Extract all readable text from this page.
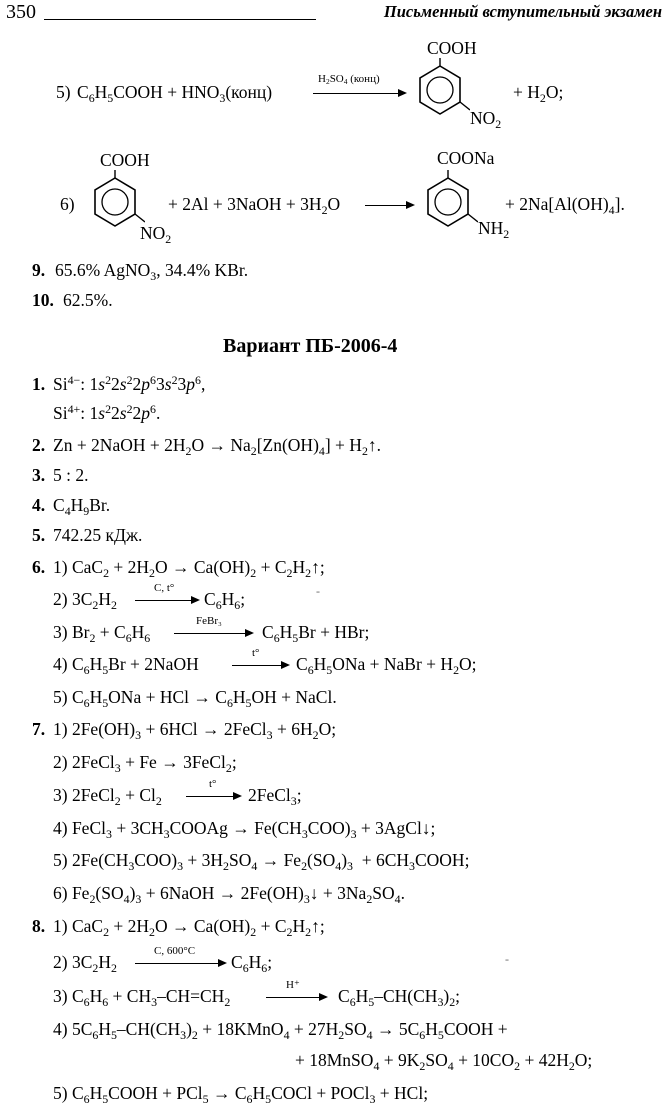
350	Письменный вступительный экзамен
5) $C_6H_5COOH$ + $HNO_3(конц)$
$H_2SO_4$ (конц)
COOH
$NO_2$
+ $H_2O$;
6)
COOH
$NO_2$
+ 2Al + 3NaOH + $3H_2O$ →
COONa
$NH_2$
+ $2Na[Al(OH)_4]$.
9. 65.6% AgNO$_3$, 34.4% KBr.
10. 62.5%.
Вариант ПБ-2006-4
1. $Si^{4-}$: $1s^22s^22p^63s^23p^6$,
$Si^{4+}$: $1s^22s^22p^6$.
2. Zn + 2NaOH + $2H_2O \to Na_2[Zn(OH)_4]$ + $H_2↑$.
3. 5 : 2.
4. $C_4H_9Br$.
5. 742.25 кДж.
6. 1) $CaC_2 + 2H_2O \to Ca(OH)_2$ + $C_2H_2↑$;
2) $3C_2H_2$
C, t°
→ $C_6H_6$;	-
3) $Br_2 + C_6H_6$
FeBr₃
$C_6H_5Br$ + HBr;
4) $C_6H_5Br$ + 2NaOH
t°
→ $C_6H_5ONa$ + NaBr + $H_2O$;
5) $C_6H_5ONa$ + HCl → $C_6H_5OH$ + NaCl.
7. 1) $2Fe(OH)_3 + 6HCl$ → 2FeCl$_3$ + $6H_2O$;
2) 2FeCl$_3$ + Fe → 3FeCl$_2$;
3) 2FeCl$_2$ + $Cl_2$
t°
→ 2FeCl$_3$;
4) FeCl$_3$ + $3CH_3COOAg \to Fe(CH_3COO)_3$ + 3AgCl↓;
5) $2Fe(CH_3COO)_3 + 3H_2SO_4 \to Fe_2(SO_4)_3$  + $6CH_3COOH$;
6) $Fe_2(SO_4)_3$ + 6NaOH → $2Fe(OH)_3↓ + 3Na_2SO_4$.
8. 1) $CaC_2 + 2H_2O \to Ca(OH)_2$ + $C_2H_2↑$;
2) $3C_2H_2$
C, 600°C
$C_6H_6$;	-
3) $C_6H_6 + CH_3-CH=CH_2$
H⁺
→ $C_6H_5-CH(CH_3)_2$;
4) $5C_6H_5-CH(CH_3)_2$ + 18KMnO$_4$ + $27H_2SO_4$ → $5C_6H_5COOH$ +
+ 18MnSO$_4$ + $9K_2SO_4 + 10CO_2 + 42H_2O$;
5) $C_6H_5COOH + PCl_5$ → $C_6H_5COCl$ + POCl$_3$ + HCl;
